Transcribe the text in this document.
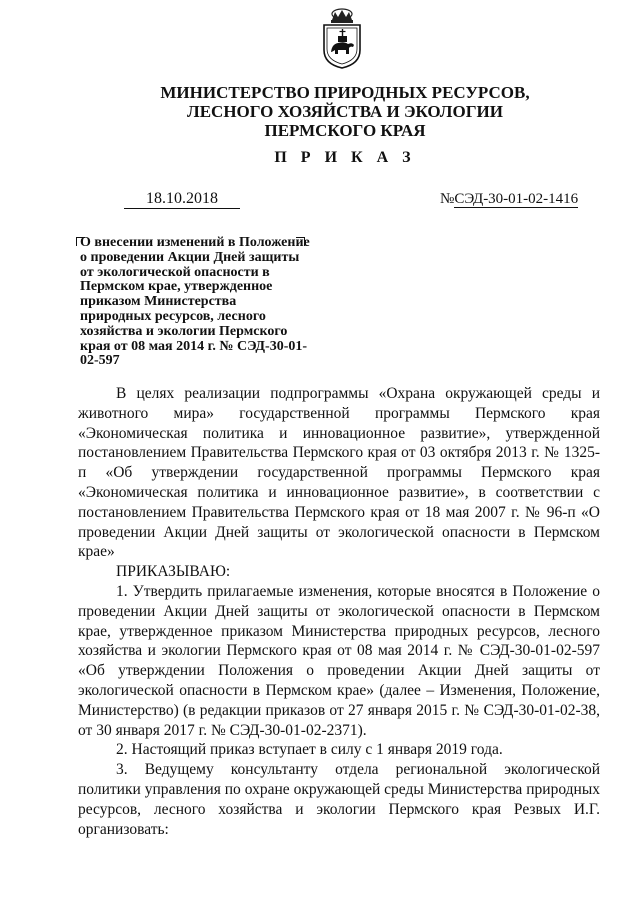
МИНИСТЕРСТВО ПРИРОДНЫХ РЕСУРСОВ,
ЛЕСНОГО ХОЗЯЙСТВА И ЭКОЛОГИИ
ПЕРМСКОГО КРАЯ
П Р И К А З
18.10.2018	№СЭД-30-01-02-1416
О внесении изменений в Положение о проведении Акции Дней защиты от экологической опасности в Пермском крае, утвержденное приказом Министерства природных ресурсов, лесного хозяйства и экологии Пермского края от 08 мая 2014 г. № СЭД-30-01-02-597

В целях реализации подпрограммы «Охрана окружающей среды и животного мира» государственной программы Пермского края «Экономическая политика и инновационное развитие», утвержденной постановлением Правительства Пермского края от 03 октября 2013 г. № 1325-п «Об утверждении государственной программы Пермского края «Экономическая политика и инновационное развитие», в соответствии с постановлением Правительства Пермского края от 18 мая 2007 г. № 96-п «О проведении Акции Дней защиты от экологической опасности в Пермском крае»

ПРИКАЗЫВАЮ:

1. Утвердить прилагаемые изменения, которые вносятся в Положение о проведении Акции Дней защиты от экологической опасности в Пермском крае, утвержденное приказом Министерства природных ресурсов, лесного хозяйства и экологии Пермского края от 08 мая 2014 г. № СЭД-30-01-02-597 «Об утверждении Положения о проведении Акции Дней защиты от экологической опасности в Пермском крае» (далее – Изменения, Положение, Министерство) (в редакции приказов от 27 января 2015 г. № СЭД-30-01-02-38, от 30 января 2017 г. № СЭД-30-01-02-2371).

2. Настоящий приказ вступает в силу с 1 января 2019 года.

3. Ведущему консультанту отдела региональной экологической политики управления по охране окружающей среды Министерства природных ресурсов, лесного хозяйства и экологии Пермского края Резвых И.Г. организовать:
